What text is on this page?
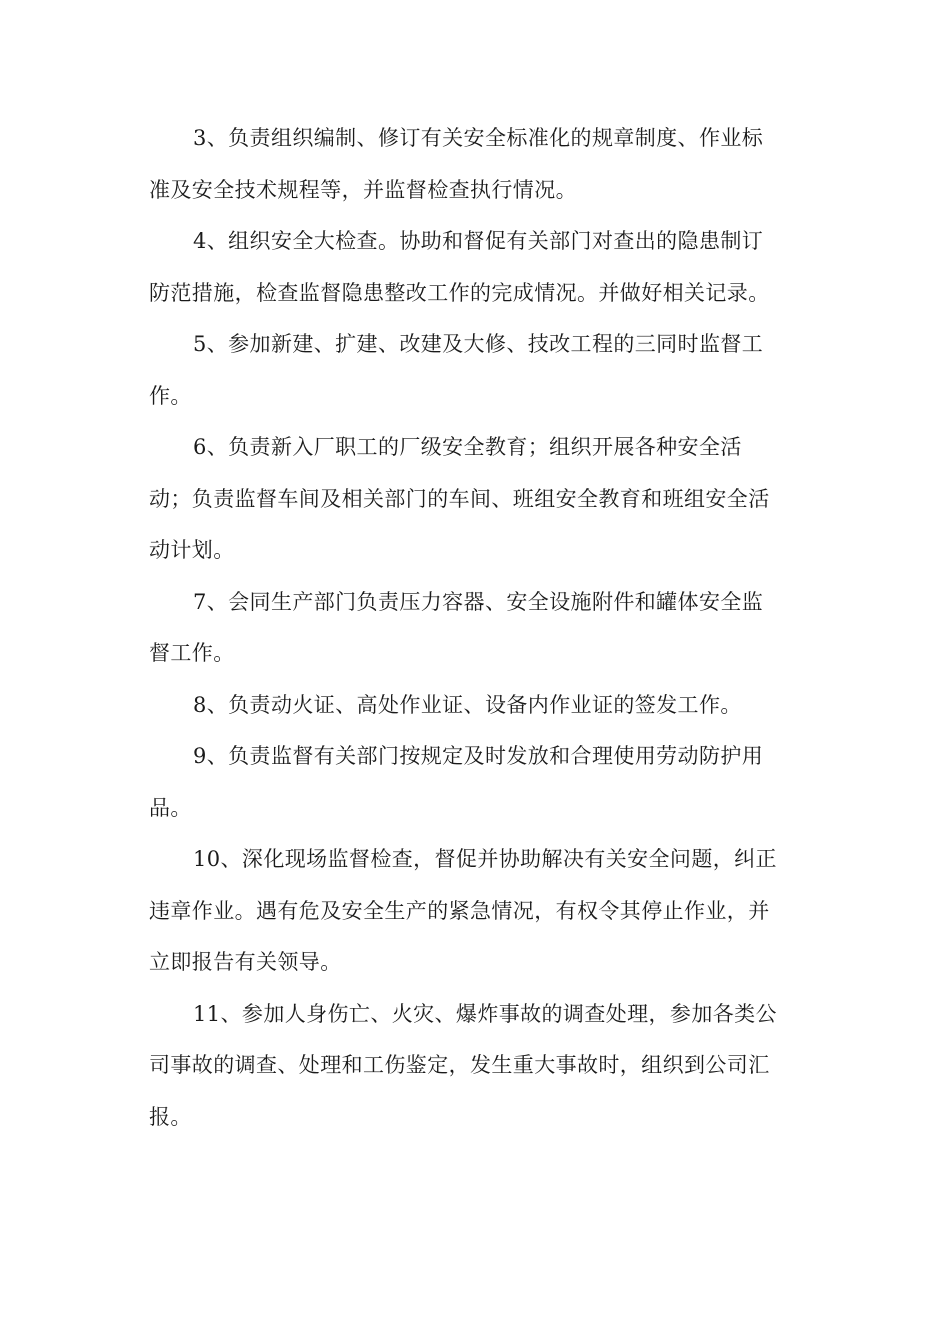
3、负责组织编制、修订有关安全标准化的规章制度、作业标
准及安全技术规程等，并监督检查执行情况。
4、组织安全大检查。协助和督促有关部门对查出的隐患制订
防范措施，检查监督隐患整改工作的完成情况。并做好相关记录。
5、参加新建、扩建、改建及大修、技改工程的三同时监督工
作。
6、负责新入厂职工的厂级安全教育；组织开展各种安全活
动；负责监督车间及相关部门的车间、班组安全教育和班组安全活
动计划。
7、会同生产部门负责压力容器、安全设施附件和罐体安全监
督工作。
8、负责动火证、高处作业证、设备内作业证的签发工作。
9、负责监督有关部门按规定及时发放和合理使用劳动防护用
品。
10、深化现场监督检查，督促并协助解决有关安全问题，纠正
违章作业。遇有危及安全生产的紧急情况，有权令其停止作业，并
立即报告有关领导。
11、参加人身伤亡、火灾、爆炸事故的调查处理，参加各类公
司事故的调查、处理和工伤鉴定，发生重大事故时，组织到公司汇
报。
